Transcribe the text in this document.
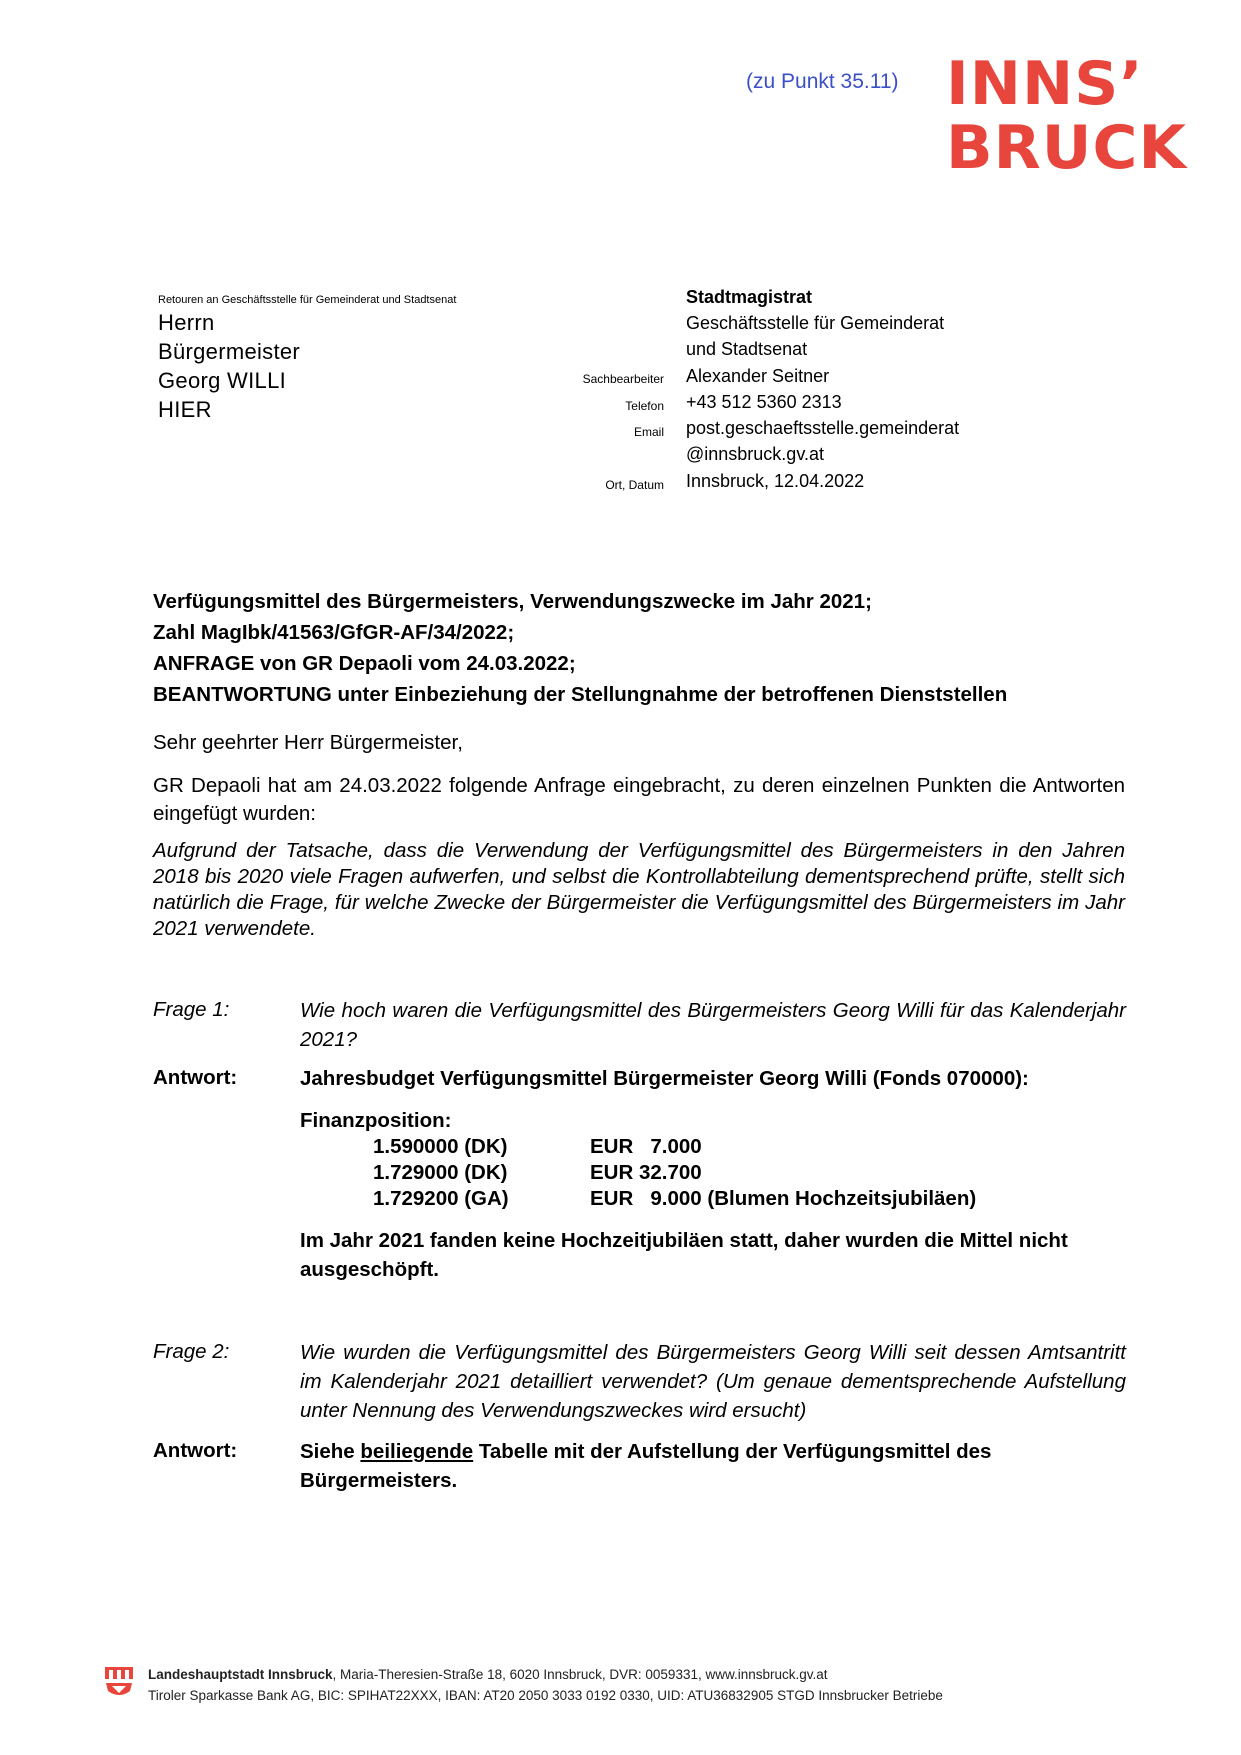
(zu Punkt 35.11) INNS’
BRUCK
Retouren an Geschäftsstelle für Gemeinderat und Stadtsenat
Herrn
Bürgermeister
Georg WILLI
HIER
Stadtmagistrat
Geschäftsstelle für Gemeinderat
und Stadtsenat
Sachbearbeiter Alexander Seitner
Telefon +43 512 5360 2313
Email post.geschaeftsstelle.gemeinderat
@innsbruck.gv.at
Ort, Datum Innsbruck, 12.04.2022
Verfügungsmittel des Bürgermeisters, Verwendungszwecke im Jahr 2021;
Zahl MagIbk/41563/GfGR-AF/34/2022;
ANFRAGE von GR Depaoli vom 24.03.2022;
BEANTWORTUNG unter Einbeziehung der Stellungnahme der betroffenen Dienststellen
Sehr geehrter Herr Bürgermeister,
GR Depaoli hat am 24.03.2022 folgende Anfrage eingebracht, zu deren einzelnen Punkten die Antworten eingefügt wurden:
Aufgrund der Tatsache, dass die Verwendung der Verfügungsmittel des Bürgermeisters in den Jahren 2018 bis 2020 viele Fragen aufwerfen, und selbst die Kontrollabteilung dementsprechend prüfte, stellt sich natürlich die Frage, für welche Zwecke der Bürgermeister die Verfügungsmittel des Bürgermeisters im Jahr 2021 verwendete.
Frage 1:	Wie hoch waren die Verfügungsmittel des Bürgermeisters Georg Willi für das Kalenderjahr 2021?
Antwort:	Jahresbudget Verfügungsmittel Bürgermeister Georg Willi (Fonds 070000):
Finanzposition:
1.590000 (DK)	EUR   7.000
1.729000 (DK)	EUR 32.700
1.729200 (GA)	EUR   9.000 (Blumen Hochzeitsjubiläen)
Im Jahr 2021 fanden keine Hochzeitjubiläen statt, daher wurden die Mittel nicht ausgeschöpft.
Frage 2:	Wie wurden die Verfügungsmittel des Bürgermeisters Georg Willi seit dessen Amtsantritt im Kalenderjahr 2021 detailliert verwendet? (Um genaue dementsprechende Aufstellung unter Nennung des Verwendungszweckes wird ersucht)
Antwort:	Siehe beiliegende Tabelle mit der Aufstellung der Verfügungsmittel des Bürgermeisters.
Landeshauptstadt Innsbruck, Maria-Theresien-Straße 18, 6020 Innsbruck, DVR: 0059331, www.innsbruck.gv.at
Tiroler Sparkasse Bank AG, BIC: SPIHAT22XXX, IBAN: AT20 2050 3033 0192 0330, UID: ATU36832905 STGD Innsbrucker Betriebe
